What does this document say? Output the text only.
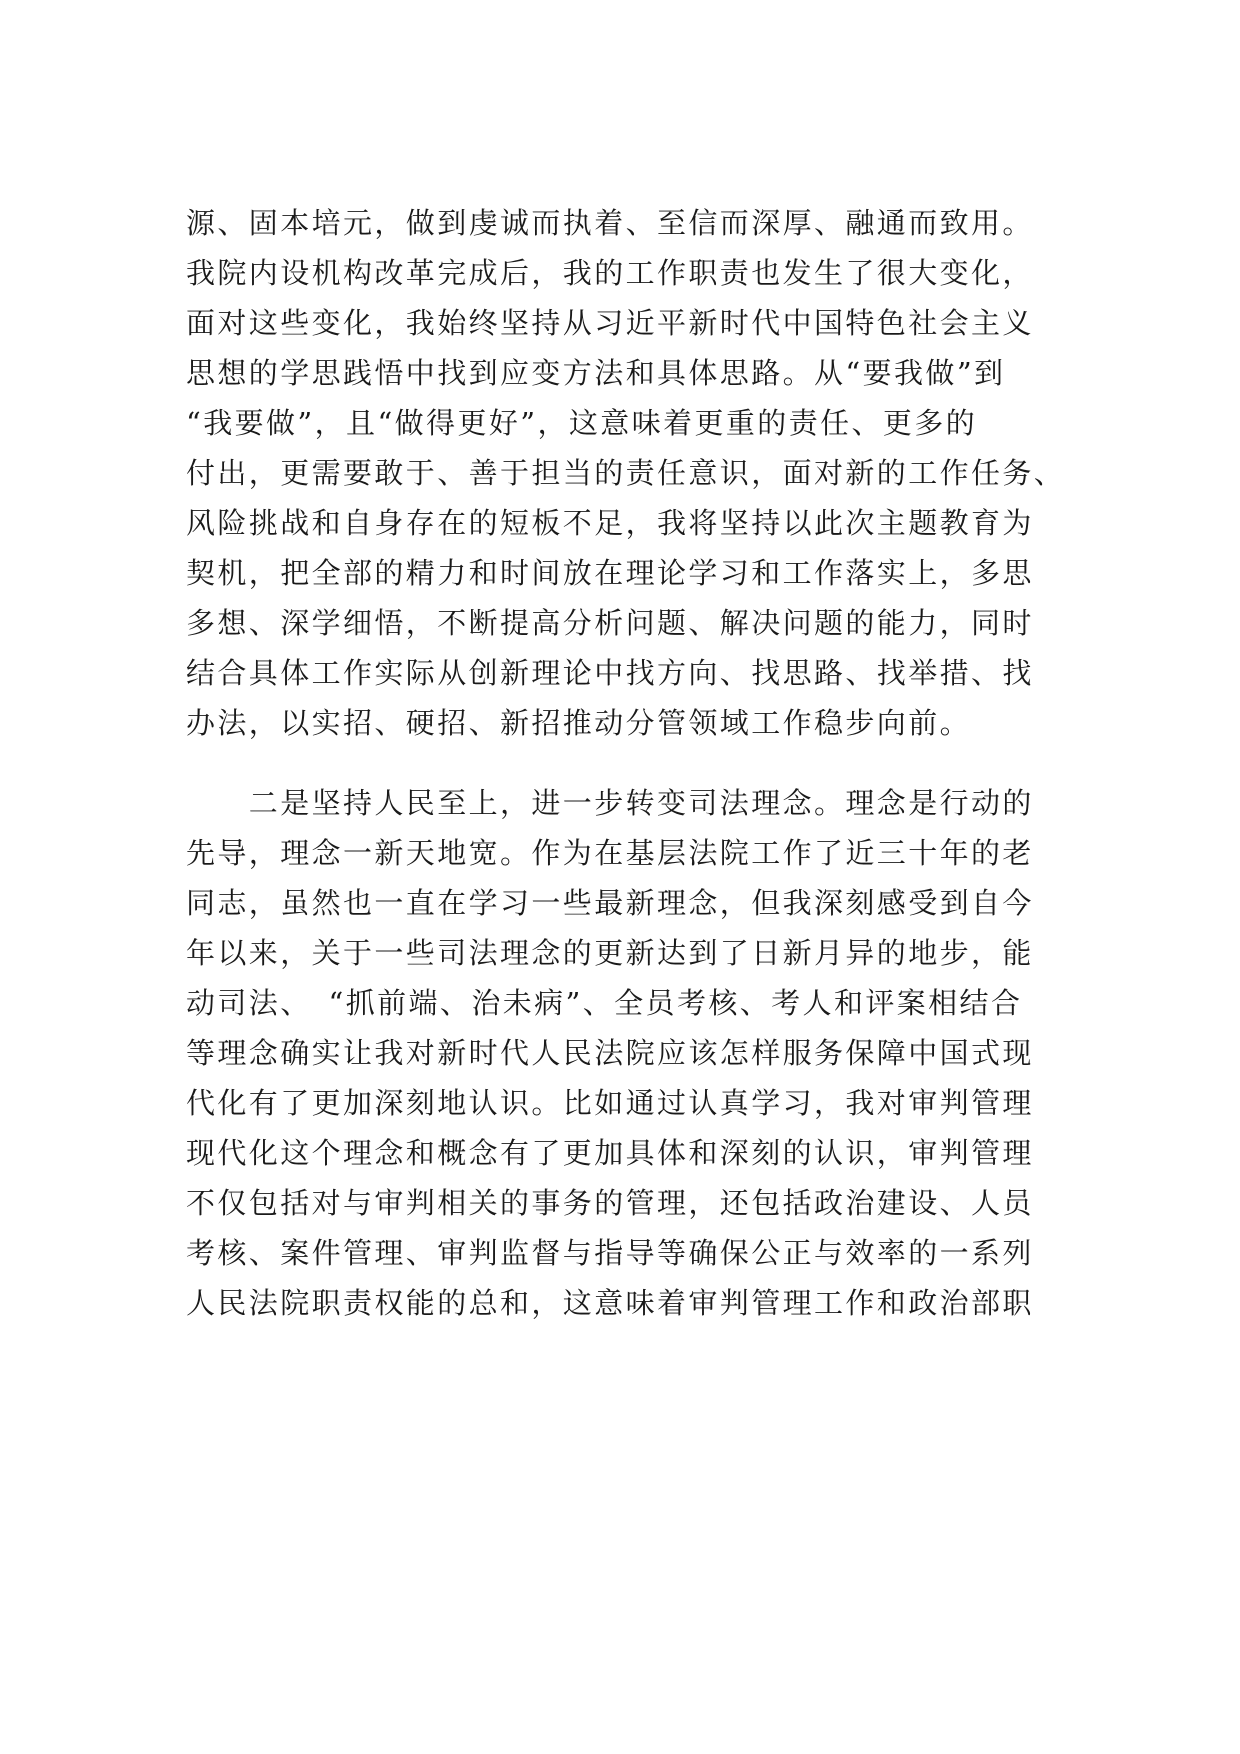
源、固本培元，做到虔诚而执着、至信而深厚、融通而致用。
我院内设机构改革完成后，我的工作职责也发生了很大变化，
面对这些变化，我始终坚持从习近平新时代中国特色社会主义
思想的学思践悟中找到应变方法和具体思路。从“要我做”到
“我要做”，且“做得更好”，这意味着更重的责任、更多的
付出，更需要敢于、善于担当的责任意识，面对新的工作任务、
风险挑战和自身存在的短板不足，我将坚持以此次主题教育为
契机，把全部的精力和时间放在理论学习和工作落实上，多思
多想、深学细悟，不断提高分析问题、解决问题的能力，同时
结合具体工作实际从创新理论中找方向、找思路、找举措、找
办法，以实招、硬招、新招推动分管领域工作稳步向前。
　　二是坚持人民至上，进一步转变司法理念。理念是行动的
先导，理念一新天地宽。作为在基层法院工作了近三十年的老
同志，虽然也一直在学习一些最新理念，但我深刻感受到自今
年以来，关于一些司法理念的更新达到了日新月异的地步，能
动司法、　“抓前端、治未病”、全员考核、考人和评案相结合
等理念确实让我对新时代人民法院应该怎样服务保障中国式现
代化有了更加深刻地认识。比如通过认真学习，我对审判管理
现代化这个理念和概念有了更加具体和深刻的认识，审判管理
不仅包括对与审判相关的事务的管理，还包括政治建设、人员
考核、案件管理、审判监督与指导等确保公正与效率的一系列
人民法院职责权能的总和，这意味着审判管理工作和政治部职
